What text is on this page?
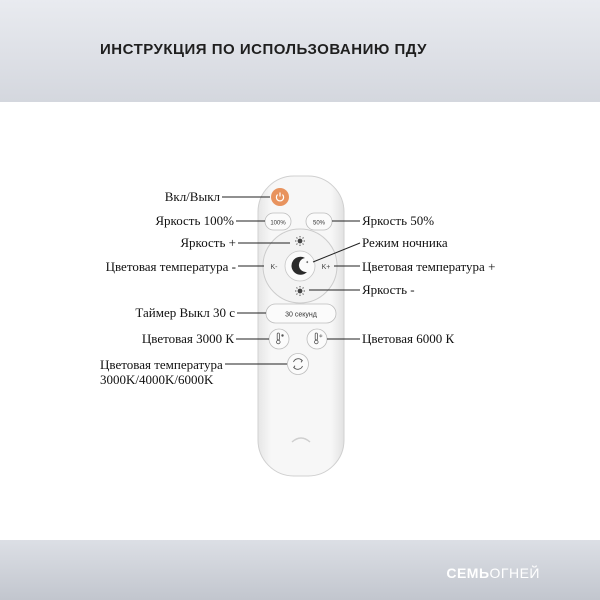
ИНСТРУКЦИЯ ПО ИСПОЛЬЗОВАНИЮ ПДУ
100%	50%
✦
K-	K+
30 секунд
❄
Вкл/Выкл
Яркость 100%	Яркость 50%
Яркость +	Режим ночника
Цветовая температура -	Цветовая температура +
Яркость -
Таймер Выкл 30 с
Цветовая 3000 К	Цветовая 6000 К
Цветовая температура
3000K/4000K/6000K
СЕМЬОГНЕЙ
